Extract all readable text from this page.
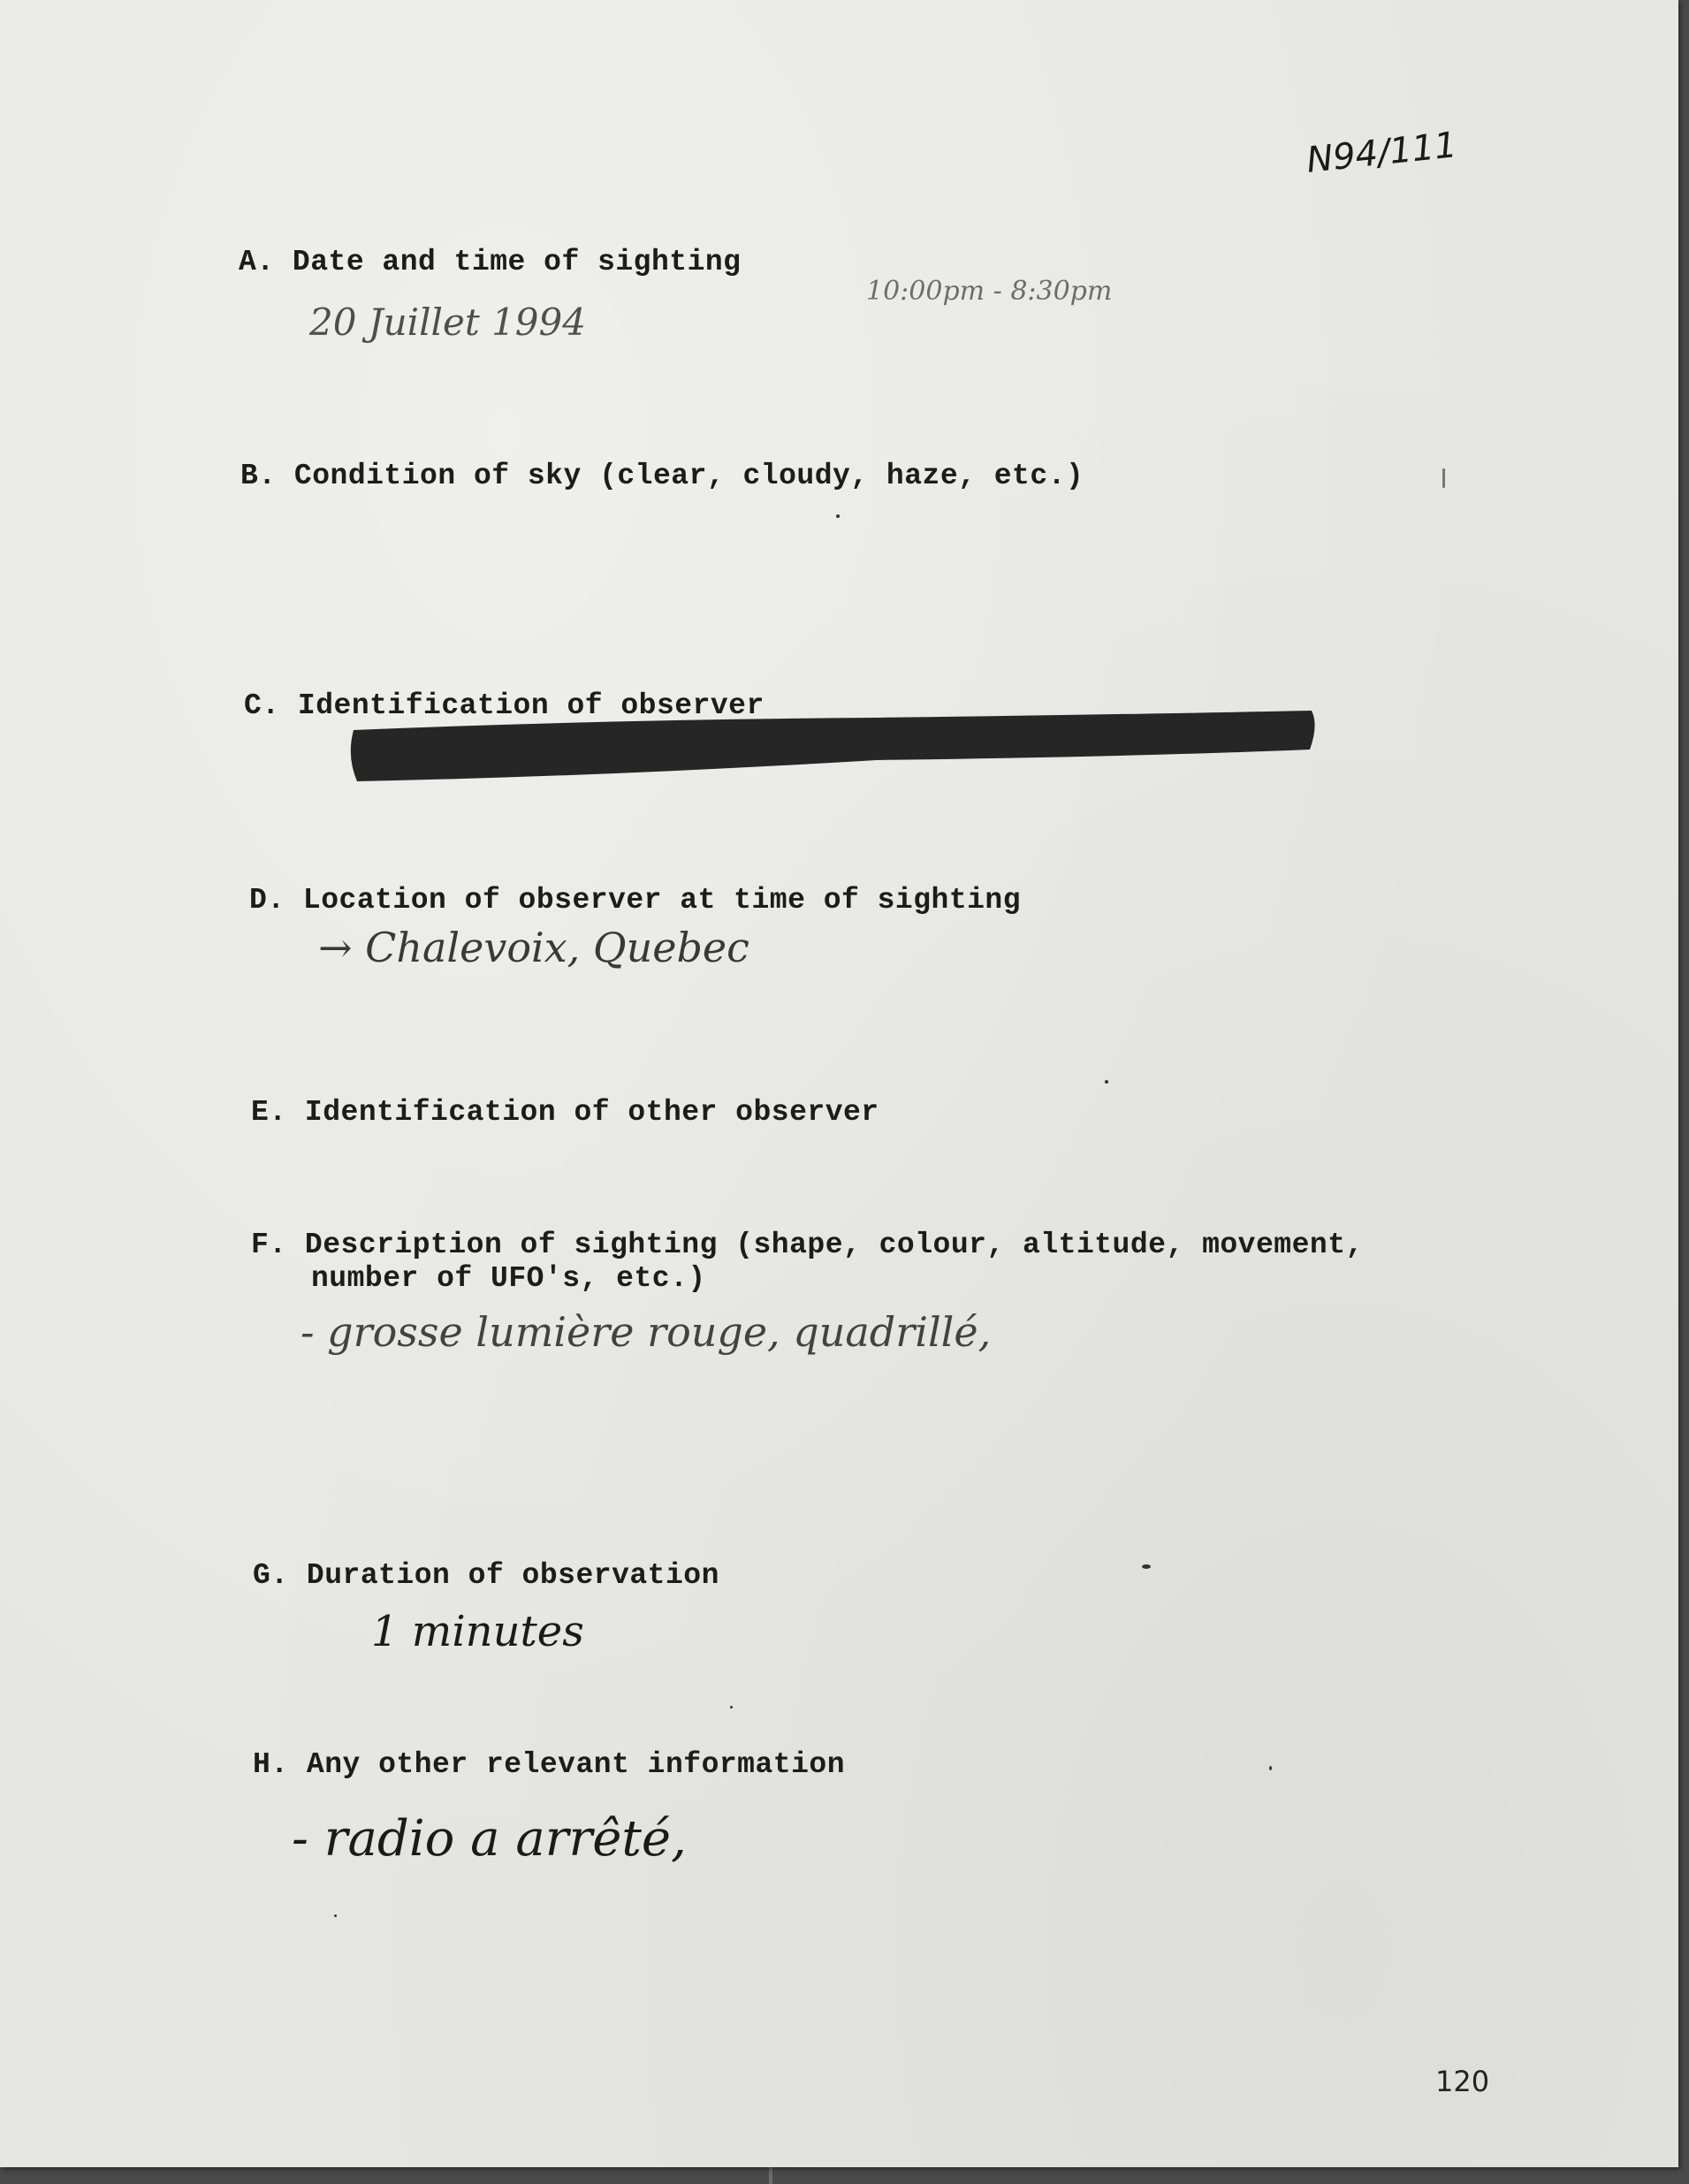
N94/111
A. Date and time of sighting
20 Juillet 1994
10:00pm - 8:30pm
B. Condition of sky (clear, cloudy, haze, etc.)
C. Identification of observer
D. Location of observer at time of sighting
→ Chalevoix, Quebec
E. Identification of other observer
F. Description of sighting (shape, colour, altitude, movement,
number of UFO's, etc.)
- grosse lumière rouge, quadrillé,
G. Duration of observation
1 minutes
H. Any other relevant information
- radio a arrêté,
120
